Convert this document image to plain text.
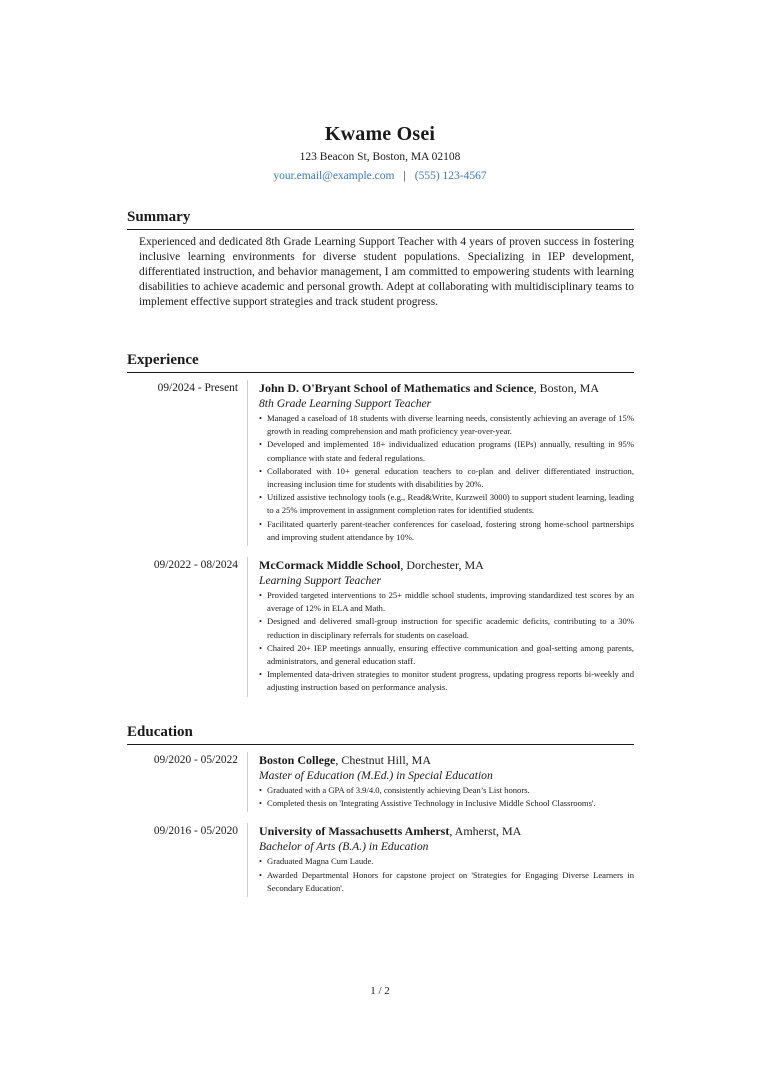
Kwame Osei
123 Beacon St, Boston, MA 02108
your.email@example.com | (555) 123-4567
Summary
Experienced and dedicated 8th Grade Learning Support Teacher with 4 years of proven success in fostering inclusive learning environments for diverse student populations. Specializing in IEP development, differentiated instruction, and behavior management, I am committed to empowering students with learning disabilities to achieve academic and personal growth. Adept at collaborating with multidisciplinary teams to implement effective support strategies and track student progress.
Experience
09/2024 - Present John D. O'Bryant School of Mathematics and Science, Boston, MA
8th Grade Learning Support Teacher
• Managed a caseload of 18 students with diverse learning needs, consistently achieving an average of 15% growth in reading comprehension and math proficiency year-over-year.
• Developed and implemented 18+ individualized education programs (IEPs) annually, resulting in 95% compliance with state and federal regulations.
• Collaborated with 10+ general education teachers to co-plan and deliver differentiated instruction, increasing inclusion time for students with disabilities by 20%.
• Utilized assistive technology tools (e.g., Read&Write, Kurzweil 3000) to support student learning, leading to a 25% improvement in assignment completion rates for identified students.
• Facilitated quarterly parent-teacher conferences for caseload, fostering strong home-school partnerships and improving student attendance by 10%.
09/2022 - 08/2024 McCormack Middle School, Dorchester, MA
Learning Support Teacher
• Provided targeted interventions to 25+ middle school students, improving standardized test scores by an average of 12% in ELA and Math.
• Designed and delivered small-group instruction for specific academic deficits, contributing to a 30% reduction in disciplinary referrals for students on caseload.
• Chaired 20+ IEP meetings annually, ensuring effective communication and goal-setting among parents, administrators, and general education staff.
• Implemented data-driven strategies to monitor student progress, updating progress reports bi-weekly and adjusting instruction based on performance analysis.
Education
09/2020 - 05/2022 Boston College, Chestnut Hill, MA
Master of Education (M.Ed.) in Special Education
• Graduated with a GPA of 3.9/4.0, consistently achieving Dean’s List honors.
• Completed thesis on 'Integrating Assistive Technology in Inclusive Middle School Classrooms'.
09/2016 - 05/2020 University of Massachusetts Amherst, Amherst, MA
Bachelor of Arts (B.A.) in Education
• Graduated Magna Cum Laude.
• Awarded Departmental Honors for capstone project on 'Strategies for Engaging Diverse Learners in Secondary Education'.
1 / 2
